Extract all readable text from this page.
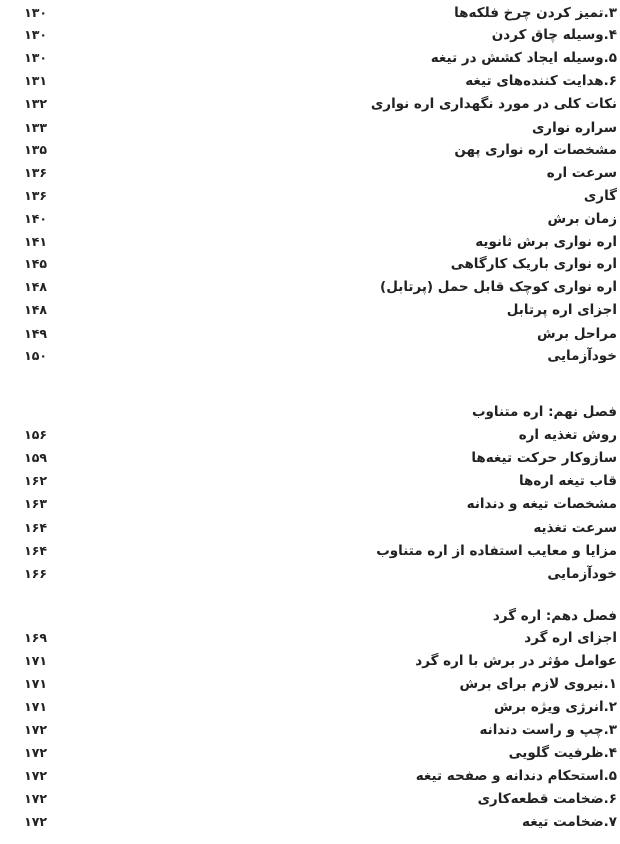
۳.تمیز کردن چرخ فلکه‌ها
۱۳۰
۴.وسیله چاق کردن
۱۳۰
۵.وسیله ایجاد کشش در تیغه
۱۳۰
۶.هدایت کننده‌های تیغه
۱۳۱
نکات کلی در مورد نگهداری اره نواری
۱۳۲
سراره نواری
۱۳۳
مشخصات اره نواری پهن
۱۳۵
سرعت اره
۱۳۶
گاری
۱۳۶
زمان برش
۱۴۰
اره نواری برش ثانویه
۱۴۱
اره نواری باریک کارگاهی
۱۴۵
اره نواری کوچک قابل حمل (پرتابل)
۱۴۸
اجزای اره پرتابل
۱۴۸
مراحل برش
۱۴۹
خودآزمایی
۱۵۰
فصل نهم: اره متناوب
روش تغذیه اره
۱۵۶
سازوکار حرکت تیغه‌ها
۱۵۹
قاب تیغه اره‌ها
۱۶۲
مشخصات تیغه و دندانه
۱۶۳
سرعت تغذیه
۱۶۴
مزایا و معایب استفاده از اره متناوب
۱۶۴
خودآزمایی
۱۶۶
فصل دهم: اره گرد
اجزای اره گرد
۱۶۹
عوامل مؤثر در برش با اره گرد
۱۷۱
۱.نیروی لازم برای برش
۱۷۱
۲.انرژی ویژه برش
۱۷۱
۳.چپ و راست دندانه
۱۷۲
۴.ظرفیت گلویی
۱۷۲
۵.استحکام دندانه و صفحه تیغه
۱۷۲
۶.ضخامت قطعه‌کاری
۱۷۲
۷.ضخامت تیغه
۱۷۲
